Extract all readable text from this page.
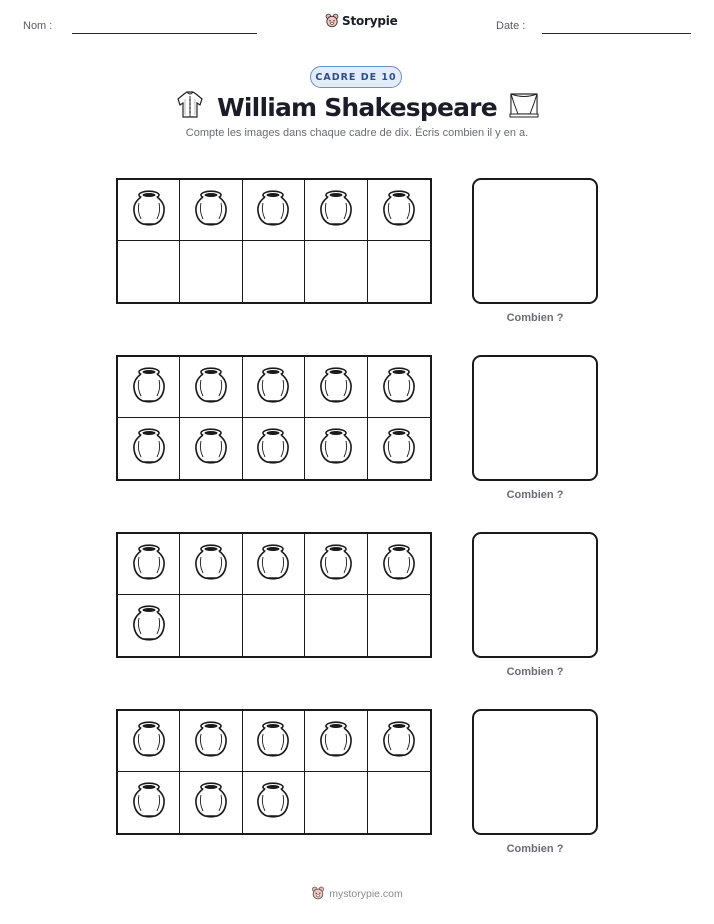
Nom :	Storypie	Date :
CADRE DE 10
William Shakespeare
Compte les images dans chaque cadre de dix. Écris combien il y en a.
Combien ?
Combien ?
Combien ?
Combien ?
mystorypie.com
